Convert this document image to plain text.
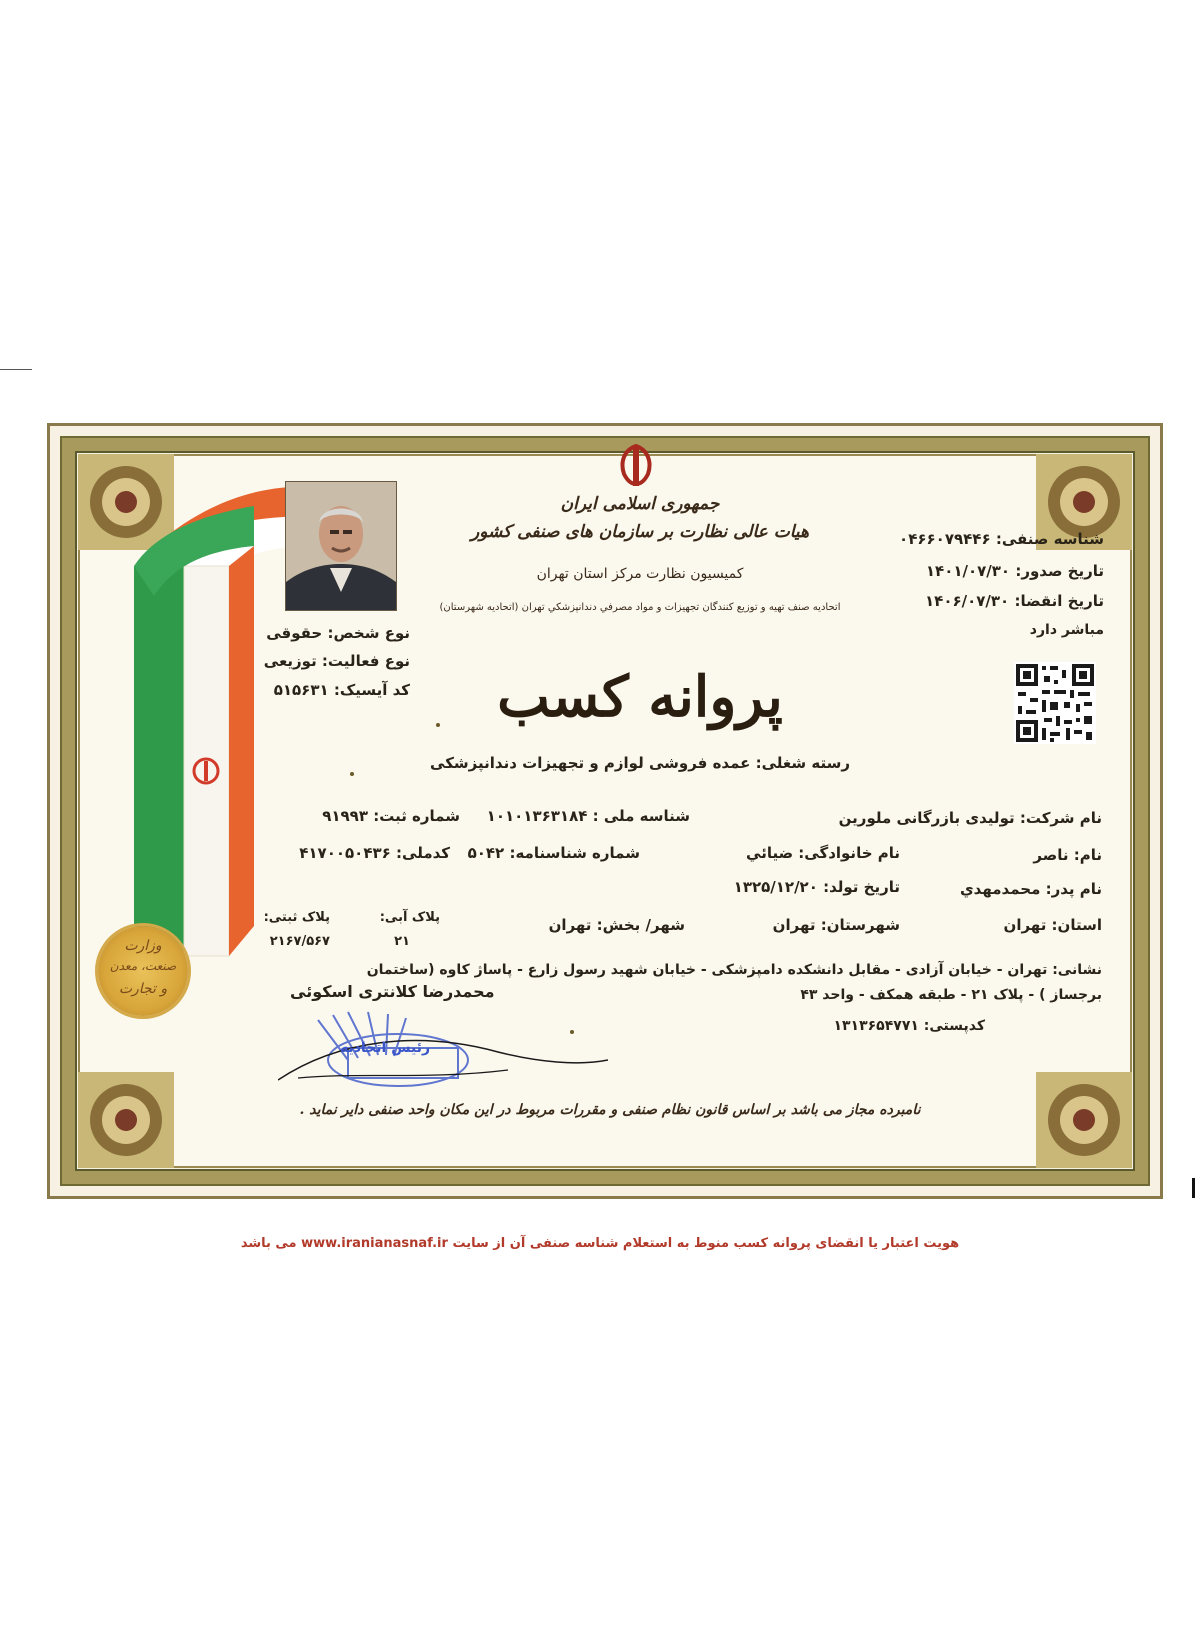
وزارت
صنعت، معدن
و تجارت
جمهوری اسلامی ایران
هیات عالی نظارت بر سازمان های صنفی کشور
کمیسیون نظارت مرکز استان تهران
اتحادیه صنف تهیه و توزیع کنندگان تجهیزات و مواد مصرفي دندانپزشكي تهران (اتحادیه شهرستان)
شناسه صنفی: ۰۴۶۶۰۷۹۴۴۶
تاریخ صدور: ۱۴۰۱/۰۷/۳۰
تاریخ انقضا: ۱۴۰۶/۰۷/۳۰
مباشر دارد
نوع شخص: حقوقی
نوع فعالیت: توزیعی
کد آیسیک: ۵۱۵۶۳۱	پروانه کسب
رسته شغلی: عمده فروشی لوازم و تجهیزات دندانپزشکی
نام شرکت: تولیدی بازرگانی ملورین
شناسه ملی : ۱۰۱۰۱۳۶۳۱۸۴
شماره ثبت: ۹۱۹۹۳
نام: ناصر
نام خانوادگی: ضیائي
شماره شناسنامه: ۵۰۴۲
کدملی: ۴۱۷۰۰۵۰۴۳۶
نام پدر: محمدمهدي
تاریخ تولد: ۱۳۲۵/۱۲/۲۰
استان: تهران
شهرستان: تهران
شهر/ بخش: تهران
پلاک آبی:
۲۱
پلاک ثبتی:
۲۱۶۷/۵۶۷
نشانی: تهران - خیابان آزادی - مقابل دانشکده دامپزشکی - خیابان شهید رسول زارع - پاساژ کاوه (ساختمان
برجساز ) - پلاک ۲۱ - طبقه همکف - واحد ۴۳
کدپستی: ۱۳۱۳۶۵۴۷۷۱
محمدرضا کلانتری اسکوئی
رئیس اتحادیه
نامبرده مجاز می باشد بر اساس قانون نظام صنفی و مقررات مربوط در این مکان واحد صنفی دایر نماید .
هویت اعتبار یا انقضای پروانه کسب منوط به استعلام شناسه صنفی آن از سایت www.iranianasnaf.ir می باشد
